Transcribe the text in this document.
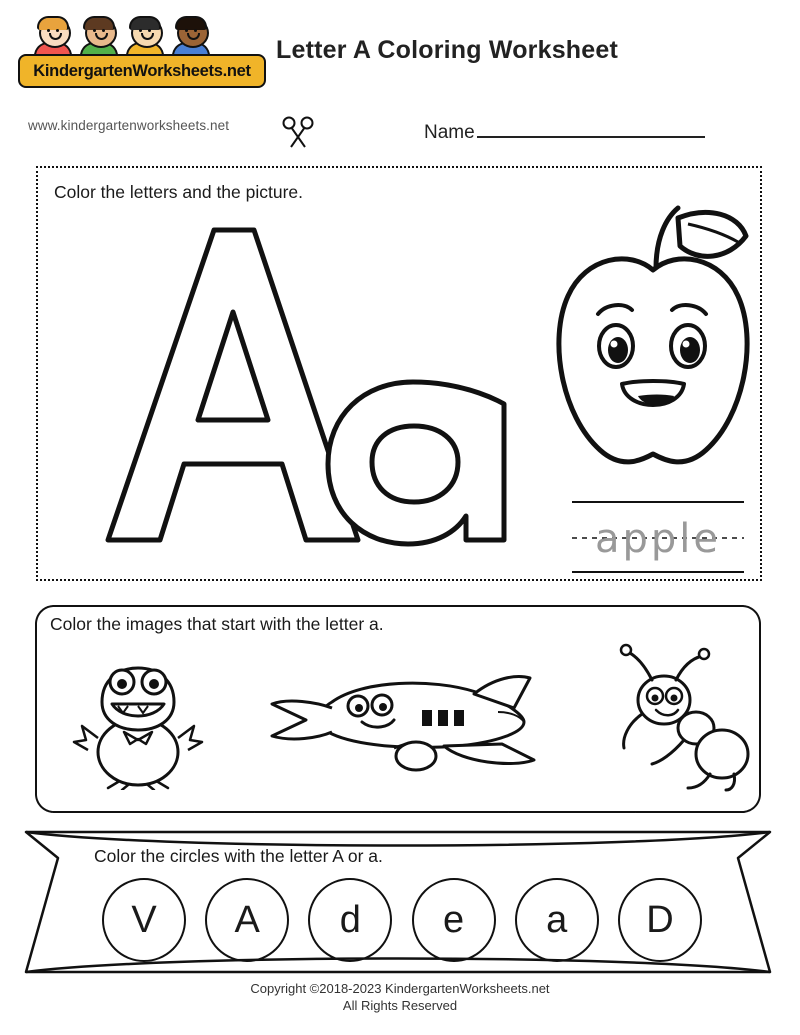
KindergartenWorksheets.net
www.kindergartenworksheets.net
Letter A Coloring Worksheet
Name
Color the letters and the picture.
apple
Color the images that start with the letter a.
Color the circles with the letter A or a.
V	A	d	e	a	D
Copyright ©2018-2023 KindergartenWorksheets.net
All Rights Reserved
